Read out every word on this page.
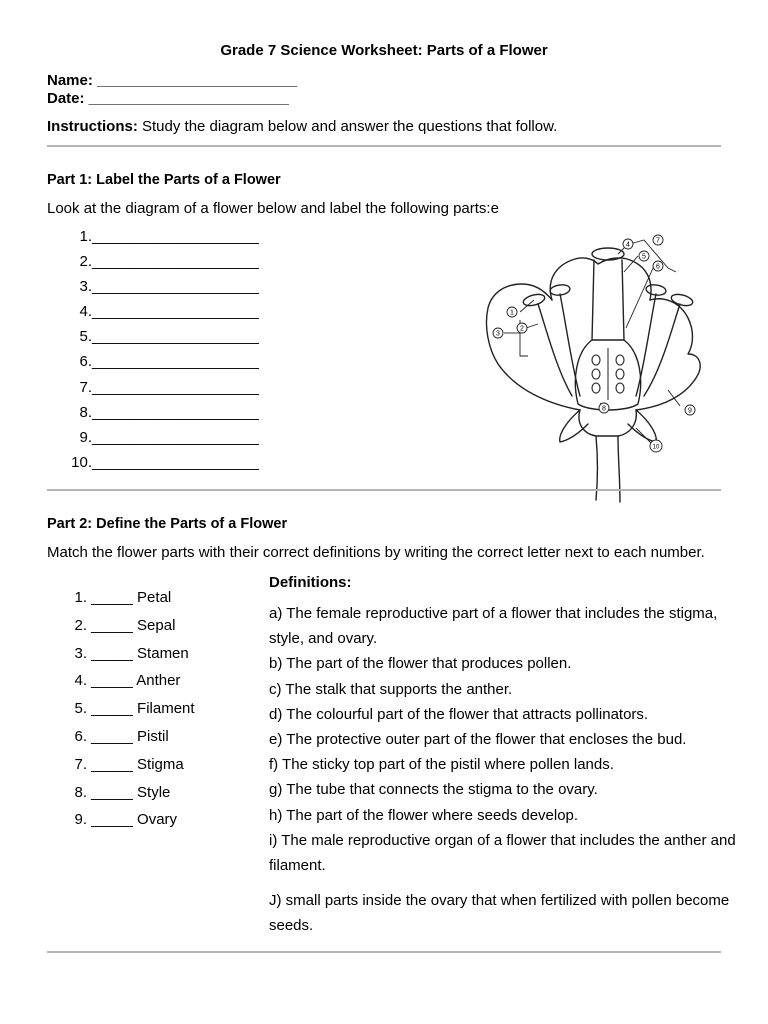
Grade 7 Science Worksheet: Parts of a Flower
Name: ________________________
Date: ________________________
Instructions: Study the diagram below and answer the questions that follow.
Part 1: Label the Parts of a Flower
Look at the diagram of a flower below and label the following parts:e
1.____________________
2.____________________
3.____________________
4.____________________
5.____________________
6.____________________
7.____________________
8.____________________
9.____________________
10.____________________
1
2
3
4
5
6
7
8	9
10
Part 2: Define the Parts of a Flower
Match the flower parts with their correct definitions by writing the correct letter next to each number.
1. _____ Petal
2. _____ Sepal
3. _____ Stamen
4. _____ Anther
5. _____ Filament
6. _____ Pistil
7. _____ Stigma
8. _____ Style
9. _____ Ovary
Definitions:
a) The female reproductive part of a flower that includes the stigma, style, and ovary.
b) The part of the flower that produces pollen.
c) The stalk that supports the anther.
d) The colourful part of the flower that attracts pollinators.
e) The protective outer part of the flower that encloses the bud.
f) The sticky top part of the pistil where pollen lands.
g) The tube that connects the stigma to the ovary.
h) The part of the flower where seeds develop.
i) The male reproductive organ of a flower that includes the anther and filament.
J) small parts inside the ovary that when fertilized with pollen become seeds.
